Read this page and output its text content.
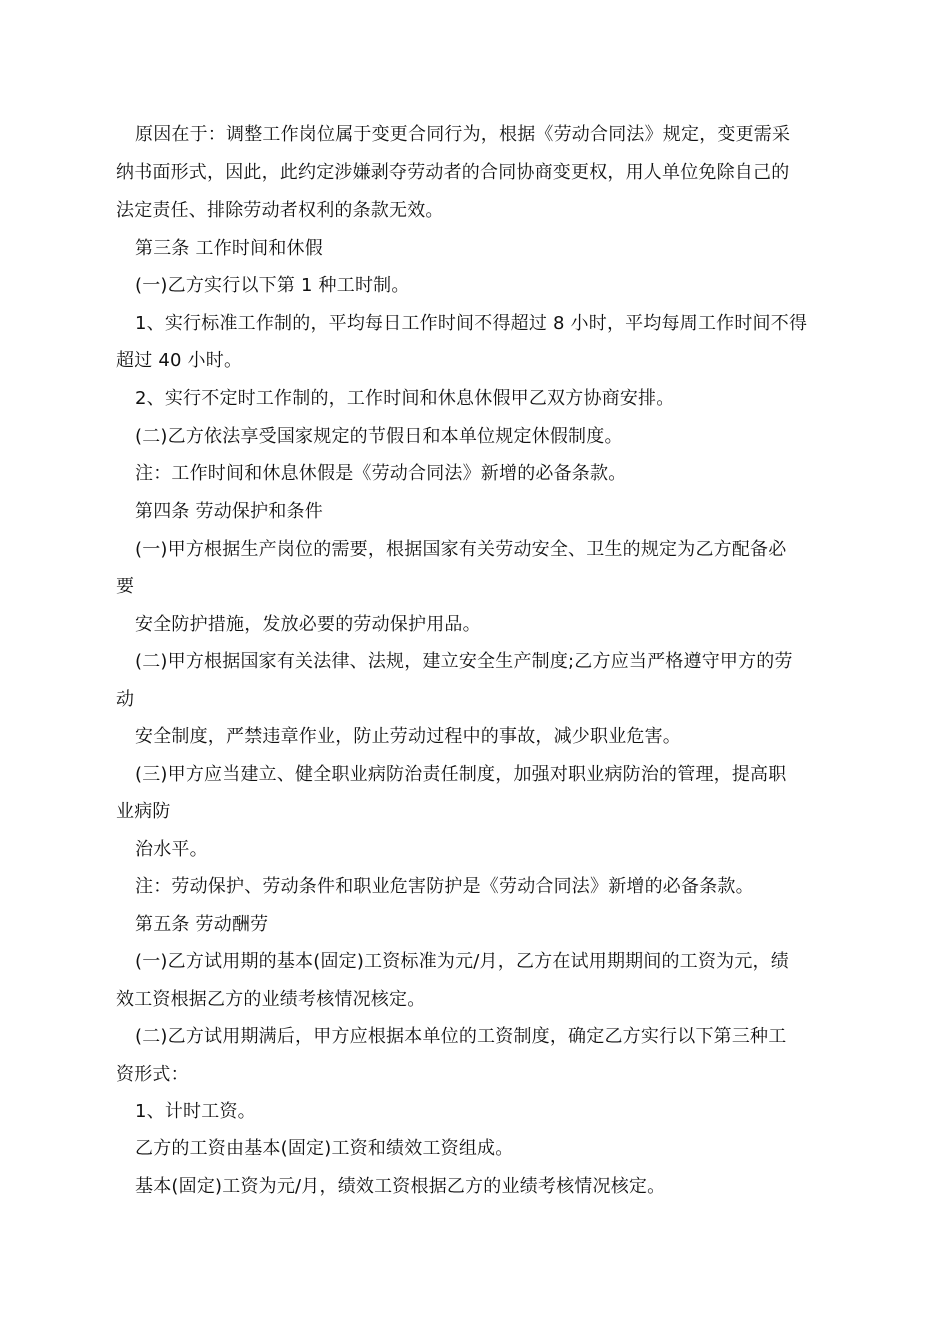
原因在于：调整工作岗位属于变更合同行为，根据《劳动合同法》规定，变更需采
纳书面形式，因此，此约定涉嫌剥夺劳动者的合同协商变更权，用人单位免除自己的
法定责任、排除劳动者权利的条款无效。
第三条 工作时间和休假
(一)乙方实行以下第 1 种工时制。
1、实行标准工作制的，平均每日工作时间不得超过 8 小时，平均每周工作时间不得
超过 40 小时。
2、实行不定时工作制的，工作时间和休息休假甲乙双方协商安排。
(二)乙方依法享受国家规定的节假日和本单位规定休假制度。
注：工作时间和休息休假是《劳动合同法》新增的必备条款。
第四条 劳动保护和条件
(一)甲方根据生产岗位的需要，根据国家有关劳动安全、卫生的规定为乙方配备必
要
安全防护措施，发放必要的劳动保护用品。
(二)甲方根据国家有关法律、法规，建立安全生产制度;乙方应当严格遵守甲方的劳
动
安全制度，严禁违章作业，防止劳动过程中的事故，减少职业危害。
(三)甲方应当建立、健全职业病防治责任制度，加强对职业病防治的管理，提高职
业病防
治水平。
注：劳动保护、劳动条件和职业危害防护是《劳动合同法》新增的必备条款。
第五条 劳动酬劳
(一)乙方试用期的基本(固定)工资标准为元/月，乙方在试用期期间的工资为元，绩
效工资根据乙方的业绩考核情况核定。
(二)乙方试用期满后，甲方应根据本单位的工资制度，确定乙方实行以下第三种工
资形式：
1、计时工资。
乙方的工资由基本(固定)工资和绩效工资组成。
基本(固定)工资为元/月，绩效工资根据乙方的业绩考核情况核定。
